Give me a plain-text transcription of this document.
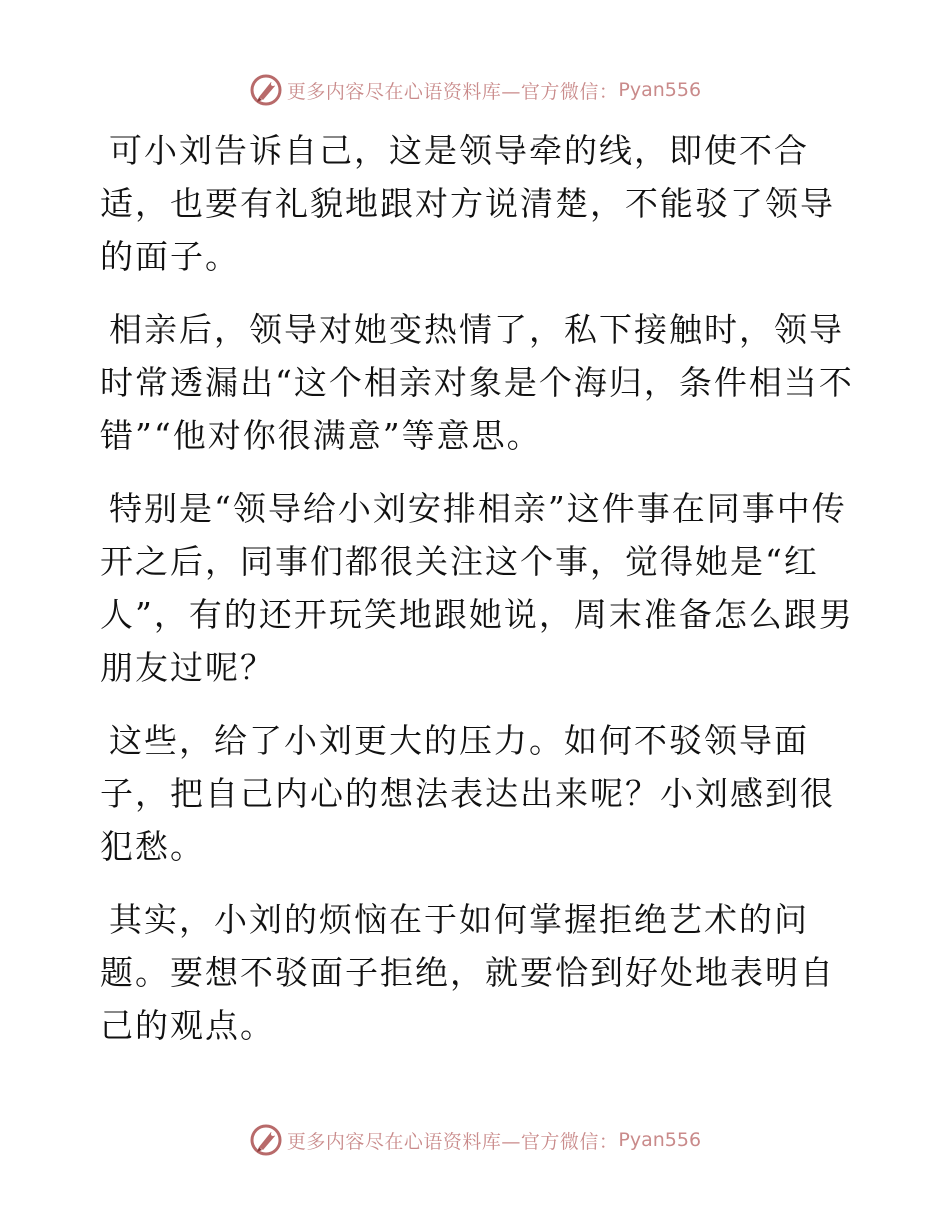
更多内容尽在心语资料库—官方微信： Pyan556

可小刘告诉自己，这是领导牵的线，即使不合适，也要有礼貌地跟对方说清楚，不能驳了领导的面子。

相亲后，领导对她变热情了，私下接触时，领导时常透漏出“这个相亲对象是个海归，条件相当不错”“他对你很满意”等意思。

特别是“领导给小刘安排相亲”这件事在同事中传开之后，同事们都很关注这个事，觉得她是“红人”，有的还开玩笑地跟她说，周末准备怎么跟男朋友过呢？

这些，给了小刘更大的压力。如何不驳领导面子，把自己内心的想法表达出来呢？小刘感到很犯愁。

其实，小刘的烦恼在于如何掌握拒绝艺术的问题。要想不驳面子拒绝，就要恰到好处地表明自己的观点。

更多内容尽在心语资料库—官方微信： Pyan556
